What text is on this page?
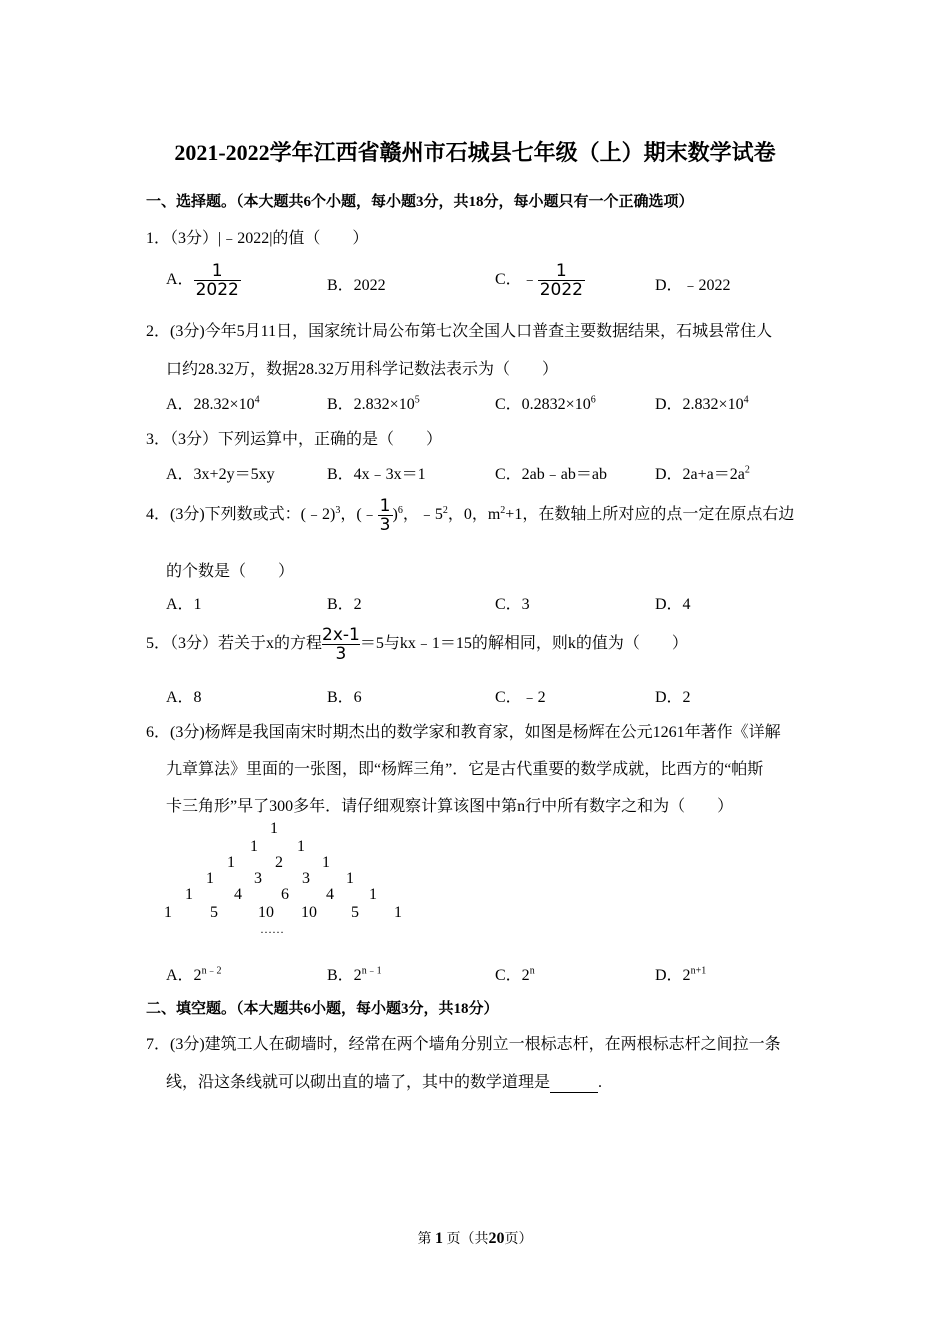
2021-2022学年江西省赣州市石城县七年级（上）期末数学试卷
一、选择题。（本大题共6个小题，每小题3分，共18分，每小题只有一个正确选项）
1．（3分）|﹣2022|的值（　　）
A． $\frac{1}{2022}$	B．2022	C．﹣ $\frac{1}{2022}$	D．﹣2022
2．(3分)今年5月11日，国家统计局公布第七次全国人口普查主要数据结果，石城县常住人
口约28.32万，数据28.32万用科学记数法表示为（　　）
A．$28.32\times 10^4$	B．$2.832\times 10^5$	C．$0.2832\times 10^6$	D．$2.832\times 10^4$
3．（3分）下列运算中，正确的是（　　）
A．3x+2y＝5xy	B．4x﹣3x＝1	C．2ab﹣ab＝ab	D．$2a+a=2a^2$
4．(3分)下列数或式：(﹣2)$^3$，(﹣ $\frac{1}{3} )^6$，$﹣5^2$，0，$m^2+1$，在数轴上所对应的点一定在原点右边
的个数是（　　）
A．1	B．2	C．3	D．4
5．（3分）若关于x的方程 $\frac{2x-1}{3} =5$与kx﹣1＝15的解相同，则k的值为（　　）
A．8	B．6	C．﹣2	D．2
6．(3分)杨辉是我国南宋时期杰出的数学家和教育家，如图是杨辉在公元1261年著作《详解
九章算法》里面的一张图，即“杨辉三角”．它是古代重要的数学成就，比西方的“帕斯
卡三角形”早了300多年．请仔细观察计算该图中第n行中所有数字之和为（　　）
1
1 1
1	2 1
1	3	3 1
1	4 6 4 1
1 5	10 10 5 1
……
A．$2^{n﹣2}$	B．$2^{n﹣1}$	C．2$^n$	D．$2^{n+1}$
二、填空题。（本大题共6小题，每小题3分，共18分）
7．(3分)建筑工人在砌墙时，经常在两个墙角分别立一根标志杆，在两根标志杆之间拉一条
线，沿这条线就可以砌出直的墙了，其中的数学道理是	.
第 1 页（共20页）
